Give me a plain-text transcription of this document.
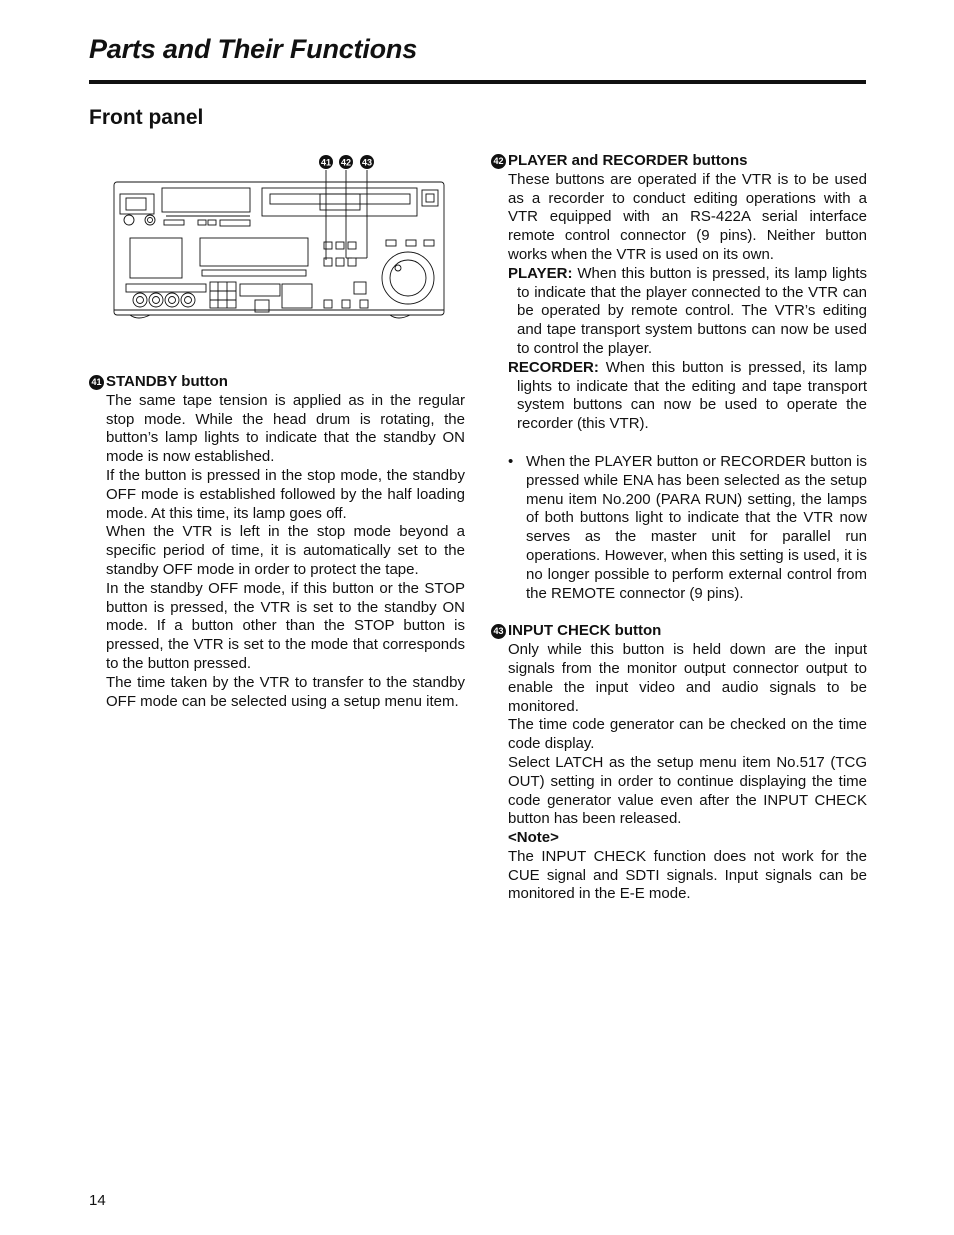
Parts and Their Functions
Front panel
41 42 43
41 STANDBY button

The same tape tension is applied as in the regular stop mode. While the head drum is rotating, the button’s lamp lights to indicate that the standby ON mode is now established.

If the button is pressed in the stop mode, the standby OFF mode is established followed by the half loading mode. At this time, its lamp goes off.

When the VTR is left in the stop mode beyond a specific period of time, it is automatically set to the standby OFF mode in order to protect the tape.

In the standby OFF mode, if this button or the STOP button is pressed, the VTR is set to the standby ON mode. If a button other than the STOP button is pressed, the VTR is set to the mode that corresponds to the button pressed.

The time taken by the VTR to transfer to the standby OFF mode can be selected using a setup menu item.

42 PLAYER and RECORDER buttons

These buttons are operated if the VTR is to be used as a recorder to conduct editing operations with a VTR equipped with an RS-422A serial interface remote control connector (9 pins). Neither button works when the VTR is used on its own.

PLAYER: When this button is pressed, its lamp lights to indicate that the player connected to the VTR can be operated by remote control. The VTR’s editing and tape transport system buttons can now be used to control the player.

RECORDER: When this button is pressed, its lamp lights to indicate that the editing and tape transport system buttons can now be used to operate the recorder (this VTR).

• When the PLAYER button or RECORDER button is pressed while ENA has been selected as the setup menu item No.200 (PARA RUN) setting, the lamps of both buttons light to indicate that the VTR now serves as the master unit for parallel run operations. However, when this setting is used, it is no longer possible to perform external control from the REMOTE connector (9 pins).
43 INPUT CHECK button

Only while this button is held down are the input signals from the monitor output connector output to enable the input video and audio signals to be monitored.

The time code generator can be checked on the time code display.

Select LATCH as the setup menu item No.517 (TCG OUT) setting in order to continue displaying the time code generator value even after the INPUT CHECK button has been released.

<Note>

The INPUT CHECK function does not work for the CUE signal and SDTI signals. Input signals can be monitored in the E-E mode.

14
